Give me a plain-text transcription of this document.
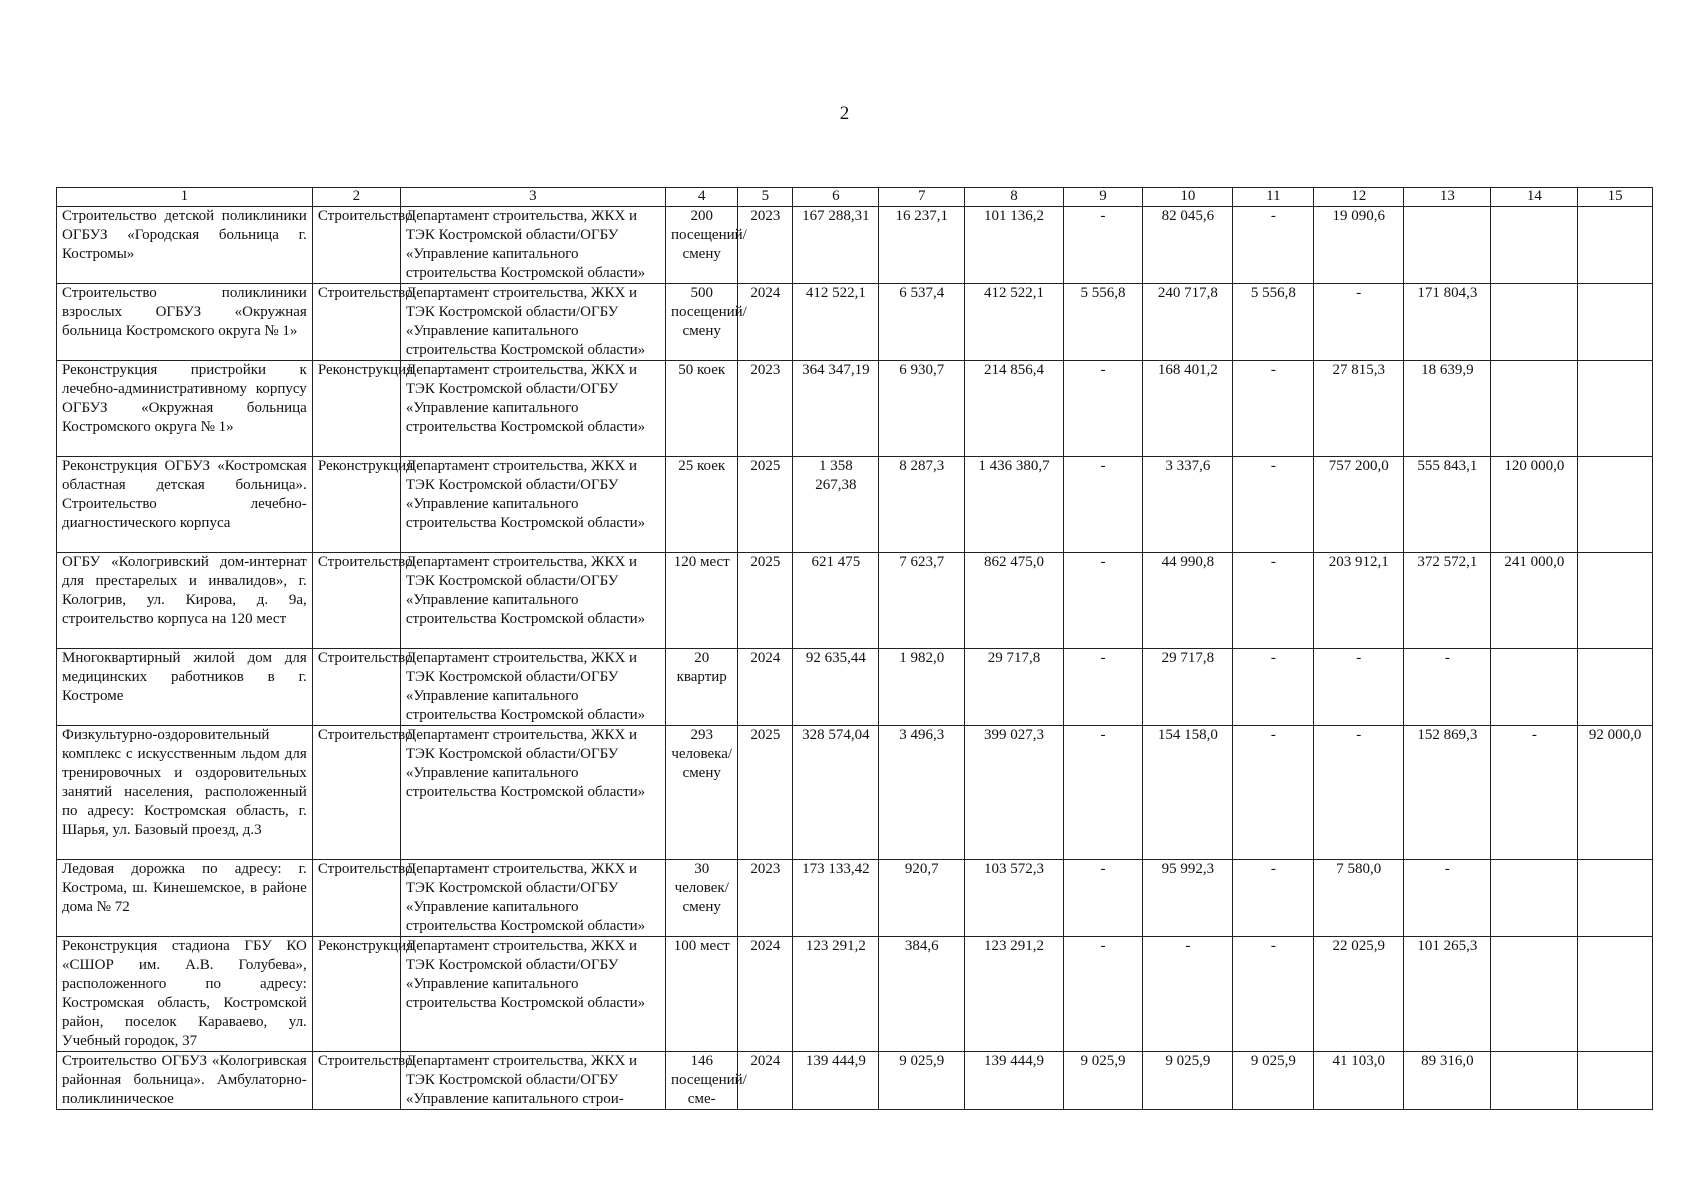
2
1	2	3	4	5	6	7	8	9	10	11	12	13	14	15
Строительство детской поликлиники ОГБУЗ «Городская больница г. Костромы»	Строительство	Департамент строительства, ЖКХ и ТЭК Костромской области/ОГБУ «Управление капитального строительства Костромской области»	200 посещений/смену	2023	167 288,31	16 237,1	101 136,2	-	82 045,6	-	19 090,6			
Строительство поликлиники взрослых ОГБУЗ «Окружная больница Костромского округа № 1»	Строительство	Департамент строительства, ЖКХ и ТЭК Костромской области/ОГБУ «Управление капитального строительства Костромской области»	500 посещений/смену	2024	412 522,1	6 537,4	412 522,1	5 556,8	240 717,8	5 556,8	-	171 804,3		
Реконструкция пристройки к лечебно-административному корпусу ОГБУЗ «Окружная больница Костромского округа № 1»	Реконструкция	Департамент строительства, ЖКХ и ТЭК Костромской области/ОГБУ «Управление капитального строительства Костромской области»	50 коек	2023	364 347,19	6 930,7	214 856,4	-	168 401,2	-	27 815,3	18 639,9		
Реконструкция ОГБУЗ «Костромская областная детская больница». Строительство лечебно-диагностического корпуса	Реконструкция	Департамент строительства, ЖКХ и ТЭК Костромской области/ОГБУ «Управление капитального строительства Костромской области»	25 коек	2025	1 358 267,38	8 287,3	1 436 380,7	-	3 337,6	-	757 200,0	555 843,1	120 000,0	
ОГБУ «Кологривский дом-интернат для престарелых и инвалидов», г. Кологрив, ул. Кирова, д. 9а, строительство корпуса на 120 мест	Строительство	Департамент строительства, ЖКХ и ТЭК Костромской области/ОГБУ «Управление капитального строительства Костромской области»	120 мест	2025	621 475	7 623,7	862 475,0	-	44 990,8	-	203 912,1	372 572,1	241 000,0	
Многоквартирный жилой дом для медицинских работников в г. Костроме	Строительство	Департамент строительства, ЖКХ и ТЭК Костромской области/ОГБУ «Управление капитального строительства Костромской области»	20 квартир	2024	92 635,44	1 982,0	29 717,8	-	29 717,8	-	-	-		
Физкультурно-оздоровительный комплекс с искусственным льдом для тренировочных и оздоровительных занятий населения, расположенный по адресу: Костромская область, г. Шарья, ул. Базовый проезд, д.3	Строительство	Департамент строительства, ЖКХ и ТЭК Костромской области/ОГБУ «Управление капитального строительства Костромской области»	293 человека/смену	2025	328 574,04	3 496,3	399 027,3	-	154 158,0	-	-	152 869,3	-	92 000,0
Ледовая дорожка по адресу: г. Кострома, ш. Кинешемское, в районе дома № 72	Строительство	Департамент строительства, ЖКХ и ТЭК Костромской области/ОГБУ «Управление капитального строительства Костромской области»	30 человек/смену	2023	173 133,42	920,7	103 572,3	-	95 992,3	-	7 580,0	-		
Реконструкция стадиона ГБУ КО «СШОР им. А.В. Голубева», расположенного по адресу: Костромская область, Костромской район, поселок Караваево, ул. Учебный городок, 37	Реконструкция	Департамент строительства, ЖКХ и ТЭК Костромской области/ОГБУ «Управление капитального строительства Костромской области»	100 мест	2024	123 291,2	384,6	123 291,2	-	-	-	22 025,9	101 265,3		
Строительство ОГБУЗ «Кологривская районная больница». Амбулаторно-поликлиническое	Строительство	Департамент строительства, ЖКХ и ТЭК Костромской области/ОГБУ «Управление капитального строи-	146 посещений/сме-	2024	139 444,9	9 025,9	139 444,9	9 025,9	9 025,9	9 025,9	41 103,0	89 316,0		
